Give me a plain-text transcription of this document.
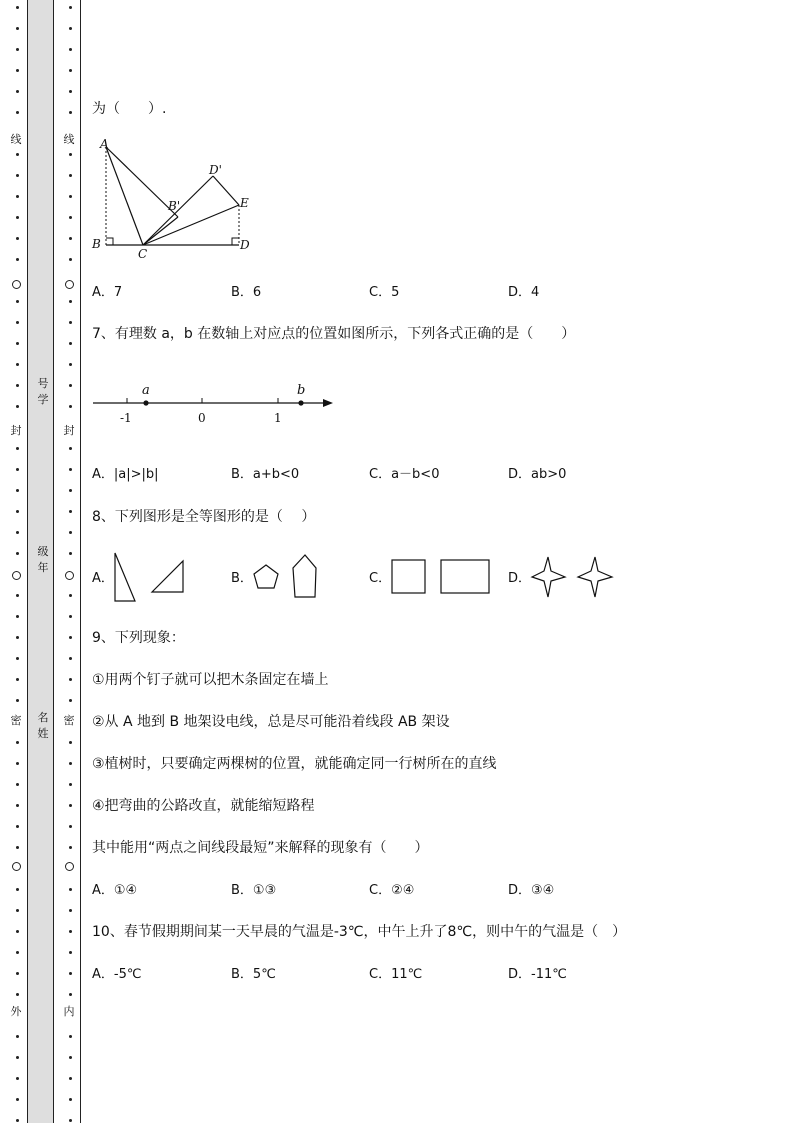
线
封
密
外
线
封
密
内
号学
级年
名姓
为（　　）.
A
B'
D'
E
B
C
D
A．7	B．6	C．5	D．4
7、有理数 a，b 在数轴上对应点的位置如图所示，下列各式正确的是（　　）
a	b
-1	0	1
A．|a|>|b|	B．a+b<0	C．a－b<0	D．ab>0
8、下列图形是全等图形的是（　 ）
A．	B．	C．	D．
9、下列现象：
①用两个钉子就可以把木条固定在墙上
②从 A 地到 B 地架设电线，总是尽可能沿着线段 AB 架设
③植树时，只要确定两棵树的位置，就能确定同一行树所在的直线
④把弯曲的公路改直，就能缩短路程
其中能用“两点之间线段最短”来解释的现象有（　　）
A．①④	B．①③	C．②④	D．③④
10、春节假期期间某一天早晨的气温是-3℃，中午上升了8℃，则中午的气温是（　）
A．-5℃	B．5℃	C．11℃	D．-11℃
